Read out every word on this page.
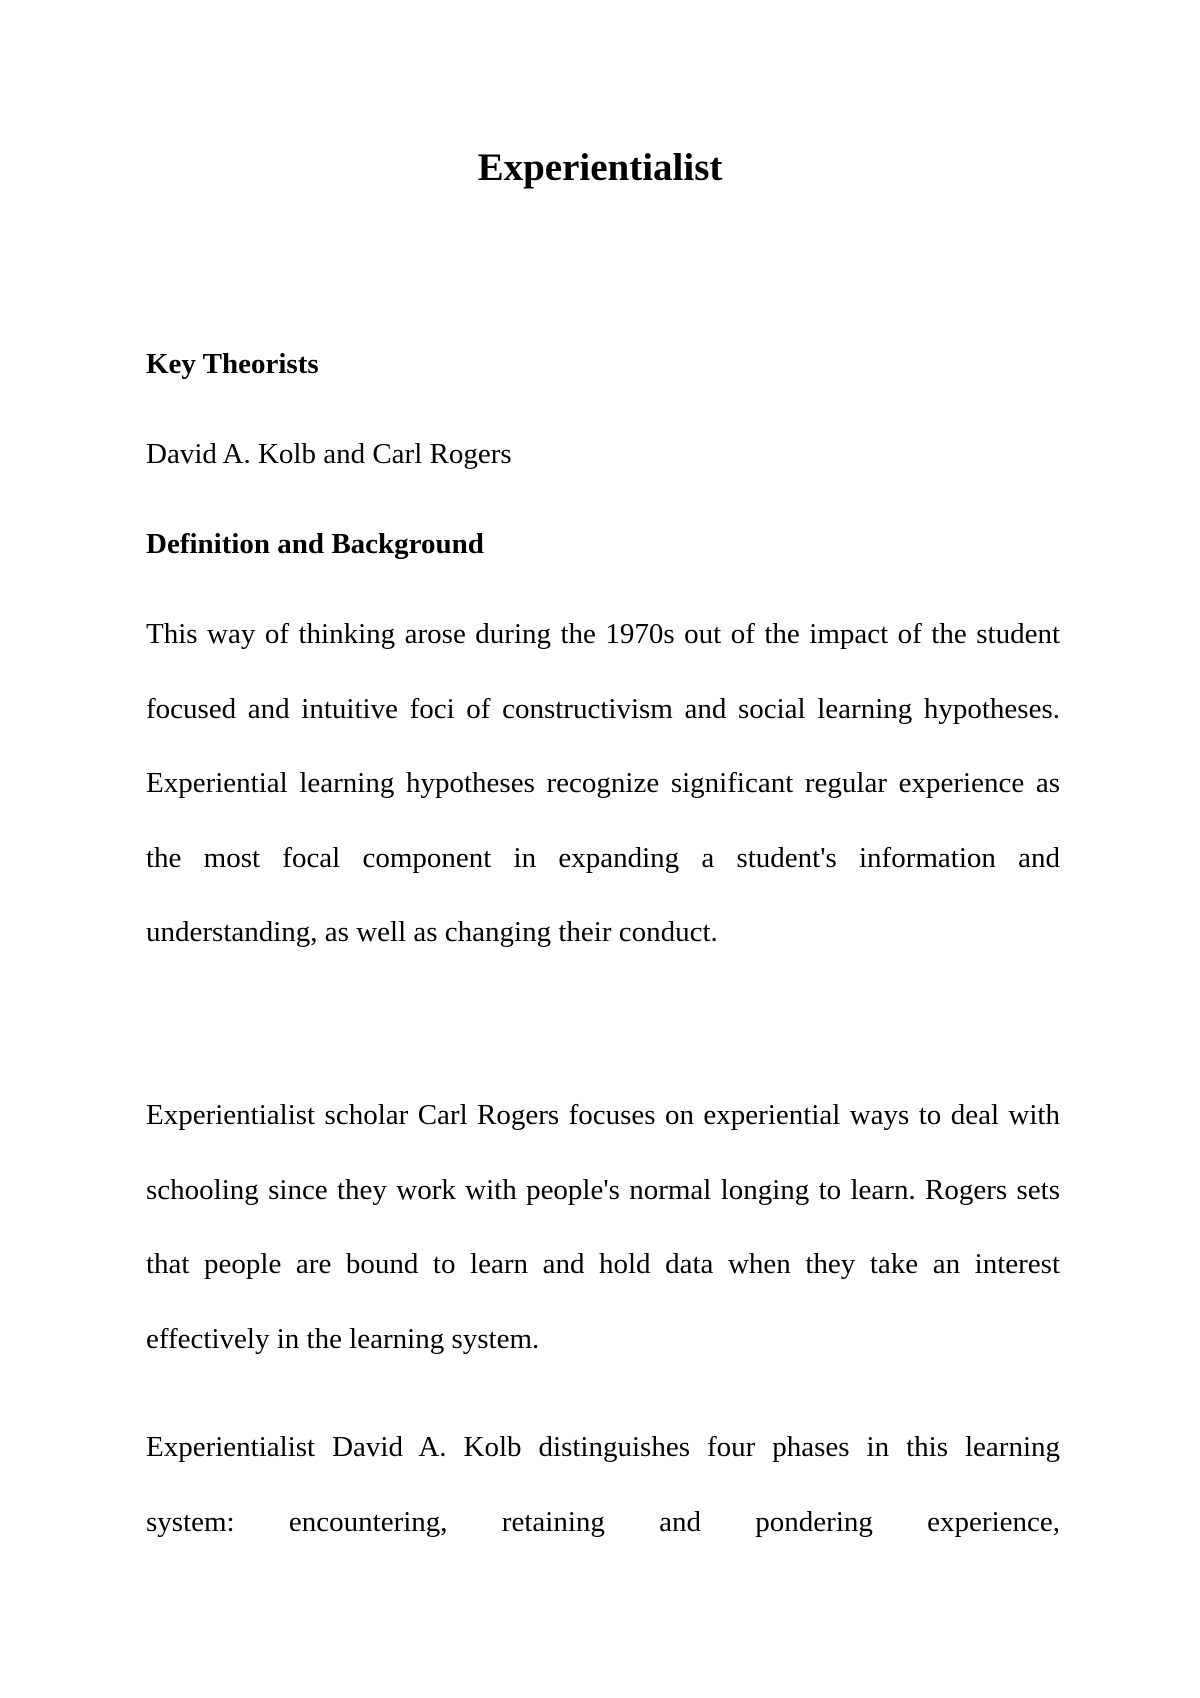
Experientialist

Key Theorists

David A. Kolb and Carl Rogers

Definition and Background

This way of thinking arose during the 1970s out of the impact of the student focused and intuitive foci of constructivism and social learning hypotheses. Experiential learning hypotheses recognize significant regular experience as the most focal component in expanding a student's information and understanding, as well as changing their conduct.

Experientialist scholar Carl Rogers focuses on experiential ways to deal with schooling since they work with people's normal longing to learn. Rogers sets that people are bound to learn and hold data when they take an interest effectively in the learning system.

Experientialist David A. Kolb distinguishes four phases in this learning system: encountering, retaining and pondering experience,
